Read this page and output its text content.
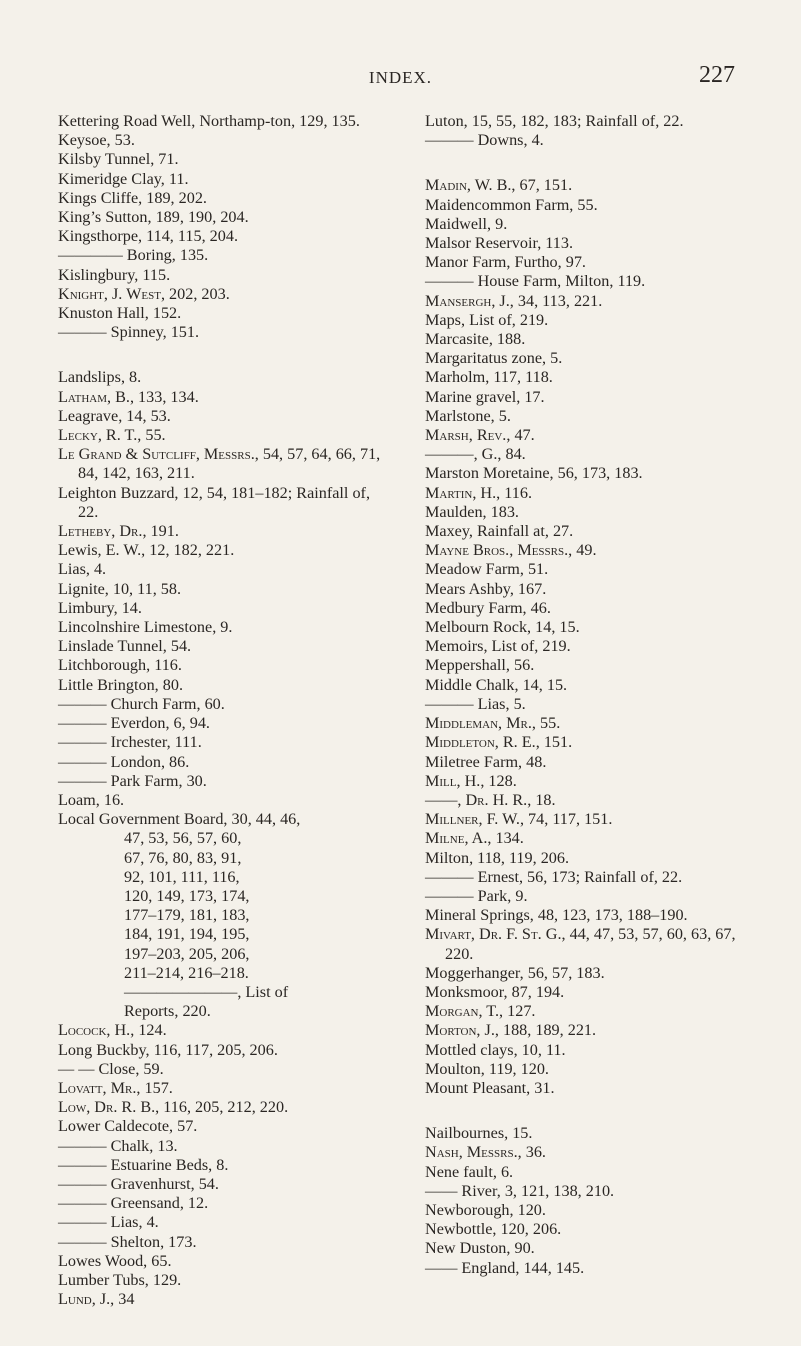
INDEX.	227
Kettering Road Well, Northamp-ton, 129, 135.
Keysoe, 53.
Kilsby Tunnel, 71.
Kimeridge Clay, 11.
Kings Cliffe, 189, 202.
King’s Sutton, 189, 190, 204.
Kingsthorpe, 114, 115, 204.
———— Boring, 135.
Kislingbury, 115.
Knight, J. West, 202, 203.
Knuston Hall, 152.
——— Spinney, 151.
Landslips, 8.
Latham, B., 133, 134.
Leagrave, 14, 53.
Lecky, R. T., 55.
Le Grand & Sutcliff, Messrs., 54, 57, 64, 66, 71, 84, 142, 163, 211.
Leighton Buzzard, 12, 54, 181–182; Rainfall of, 22.
Letheby, Dr., 191.
Lewis, E. W., 12, 182, 221.
Lias, 4.
Lignite, 10, 11, 58.
Limbury, 14.
Lincolnshire Limestone, 9.
Linslade Tunnel, 54.
Litchborough, 116.
Little Brington, 80.
——— Church Farm, 60.
——— Everdon, 6, 94.
——— Irchester, 111.
——— London, 86.
——— Park Farm, 30.
Loam, 16.
Local Government Board, 30, 44, 46,
47, 53, 56, 57, 60,
67, 76, 80, 83, 91,
92, 101, 111, 116,
120, 149, 173, 174,
177–179, 181, 183,
184, 191, 194, 195,
197–203, 205, 206,
211–214, 216–218.
———————, List of
Reports, 220.
Locock, H., 124.
Long Buckby, 116, 117, 205, 206.
— — Close, 59.
Lovatt, Mr., 157.
Low, Dr. R. B., 116, 205, 212, 220.
Lower Caldecote, 57.
——— Chalk, 13.
——— Estuarine Beds, 8.
——— Gravenhurst, 54.
——— Greensand, 12.
——— Lias, 4.
——— Shelton, 173.
Lowes Wood, 65.
Lumber Tubs, 129.
Lund, J., 34
Luton, 15, 55, 182, 183; Rainfall of, 22.
——— Downs, 4.
Madin, W. B., 67, 151.
Maidencommon Farm, 55.
Maidwell, 9.
Malsor Reservoir, 113.
Manor Farm, Furtho, 97.
——— House Farm, Milton, 119.
Mansergh, J., 34, 113, 221.
Maps, List of, 219.
Marcasite, 188.
Margaritatus zone, 5.
Marholm, 117, 118.
Marine gravel, 17.
Marlstone, 5.
Marsh, Rev., 47.
———, G., 84.
Marston Moretaine, 56, 173, 183.
Martin, H., 116.
Maulden, 183.
Maxey, Rainfall at, 27.
Mayne Bros., Messrs., 49.
Meadow Farm, 51.
Mears Ashby, 167.
Medbury Farm, 46.
Melbourn Rock, 14, 15.
Memoirs, List of, 219.
Meppershall, 56.
Middle Chalk, 14, 15.
——— Lias, 5.
Middleman, Mr., 55.
Middleton, R. E., 151.
Miletree Farm, 48.
Mill, H., 128.
——, Dr. H. R., 18.
Millner, F. W., 74, 117, 151.
Milne, A., 134.
Milton, 118, 119, 206.
——— Ernest, 56, 173; Rainfall of, 22.
——— Park, 9.
Mineral Springs, 48, 123, 173, 188–190.
Mivart, Dr. F. St. G., 44, 47, 53, 57, 60, 63, 67, 220.
Moggerhanger, 56, 57, 183.
Monksmoor, 87, 194.
Morgan, T., 127.
Morton, J., 188, 189, 221.
Mottled clays, 10, 11.
Moulton, 119, 120.
Mount Pleasant, 31.
Nailbournes, 15.
Nash, Messrs., 36.
Nene fault, 6.
—— River, 3, 121, 138, 210.
Newborough, 120.
Newbottle, 120, 206.
New Duston, 90.
—— England, 144, 145.
